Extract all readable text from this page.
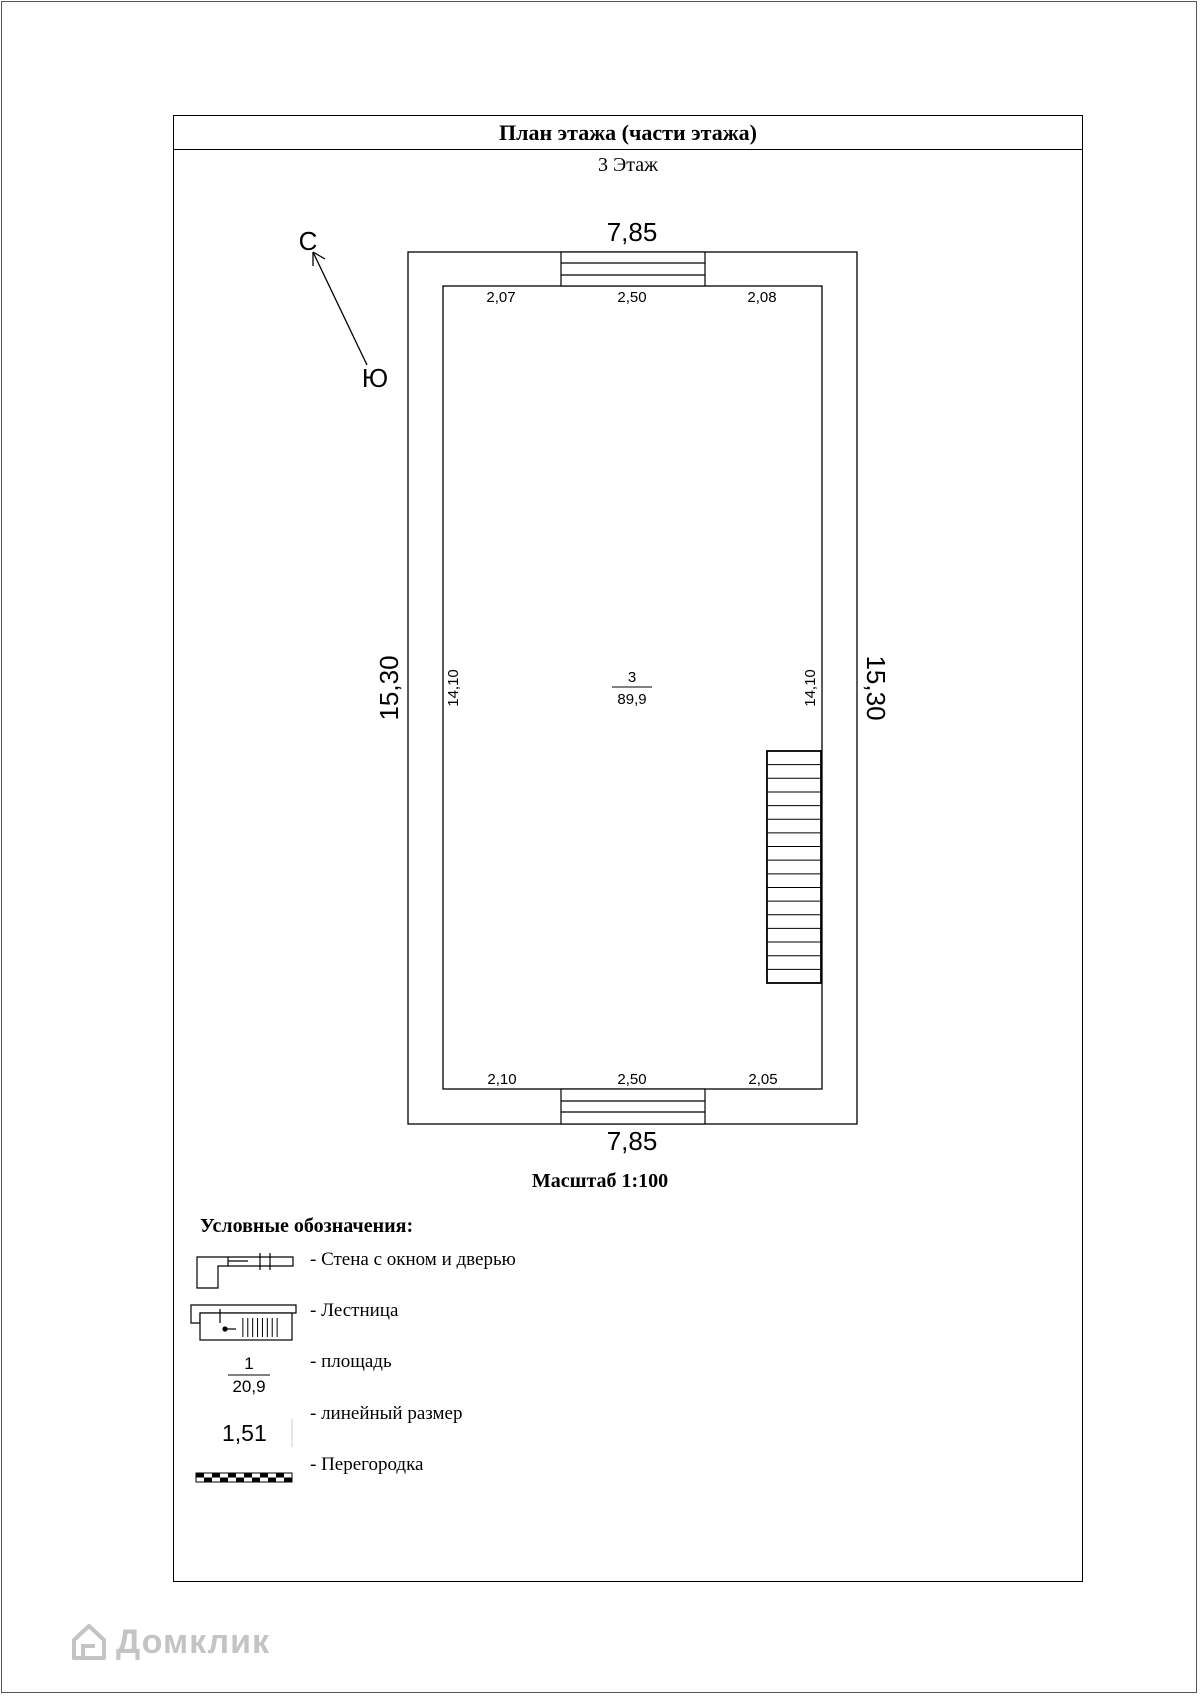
План этажа (части этажа)
3 Этаж
С
Ю
7,85
7,85
15,30	15,30
2,07	2,50	2,08
2,10	2,50	2,05
14,10	14,10
3
89,9
Масштаб 1:100
Условные обозначения:
- Стена с окном и дверью
- Лестница
1
20,9
- площадь
1,51
- линейный размер
- Перегородка
Домклик
